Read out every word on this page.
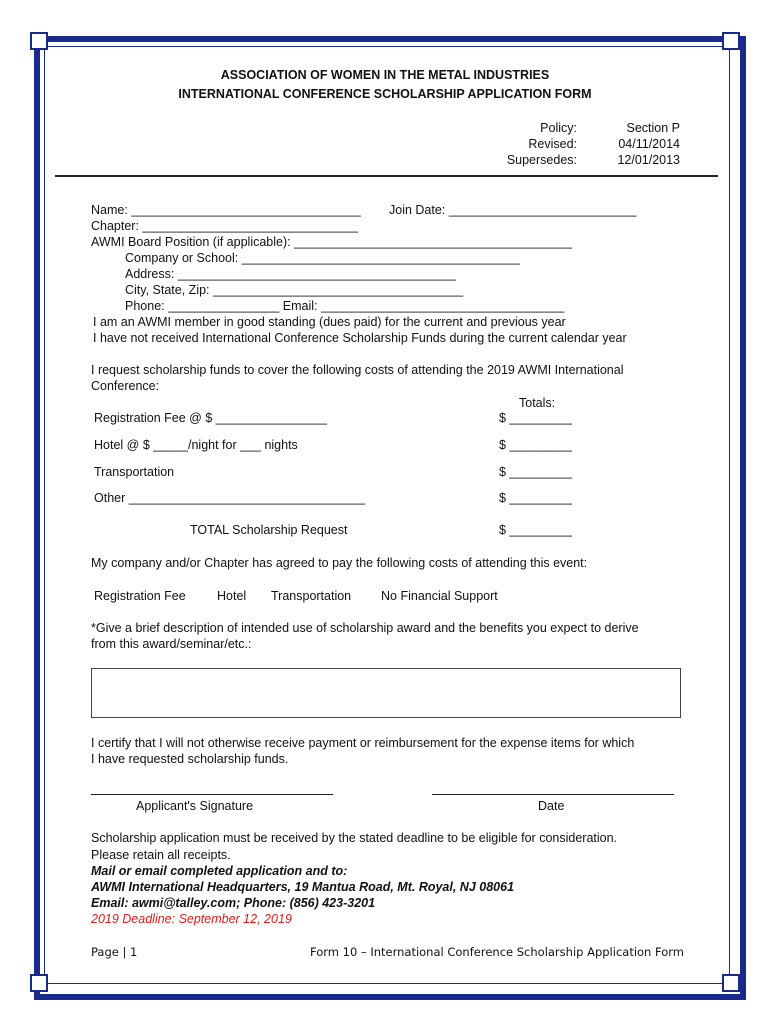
ASSOCIATION OF WOMEN IN THE METAL INDUSTRIES
INTERNATIONAL CONFERENCE SCHOLARSHIP APPLICATION FORM
Policy:	Section P
Revised:	04/11/2014
Supersedes:	12/01/2013
Name: _________________________________ Join Date: ___________________________
Chapter: _______________________________
AWMI Board Position (if applicable): ________________________________________
Company or School: ________________________________________
Address: ________________________________________
City, State, Zip: ____________________________________
Phone: ________________ Email: ___________________________________
I am an AWMI member in good standing (dues paid) for the current and previous year
I have not received International Conference Scholarship Funds during the current calendar year
I request scholarship funds to cover the following costs of attending the 2019 AWMI International
Conference:
Totals:
Registration Fee @ $ ________________	$ _________
Hotel @ $ _____/night for ___ nights	$ _________
Transportation	$ _________
Other __________________________________	$ _________
TOTAL Scholarship Request	$ _________
My company and/or Chapter has agreed to pay the following costs of attending this event:
Registration Fee	Hotel Transportation No Financial Support
*Give a brief description of intended use of scholarship award and the benefits you expect to derive
from this award/seminar/etc.:
I certify that I will not otherwise receive payment or reimbursement for the expense items for which
I have requested scholarship funds.
Applicant's Signature	Date
Scholarship application must be received by the stated deadline to be eligible for consideration.
Please retain all receipts.
Mail or email completed application and to:
AWMI International Headquarters, 19 Mantua Road, Mt. Royal, NJ 08061
Email: awmi@talley.com; Phone: (856) 423-3201
2019 Deadline: September 12, 2019
Page | 1	Form 10 – International Conference Scholarship Application Form
